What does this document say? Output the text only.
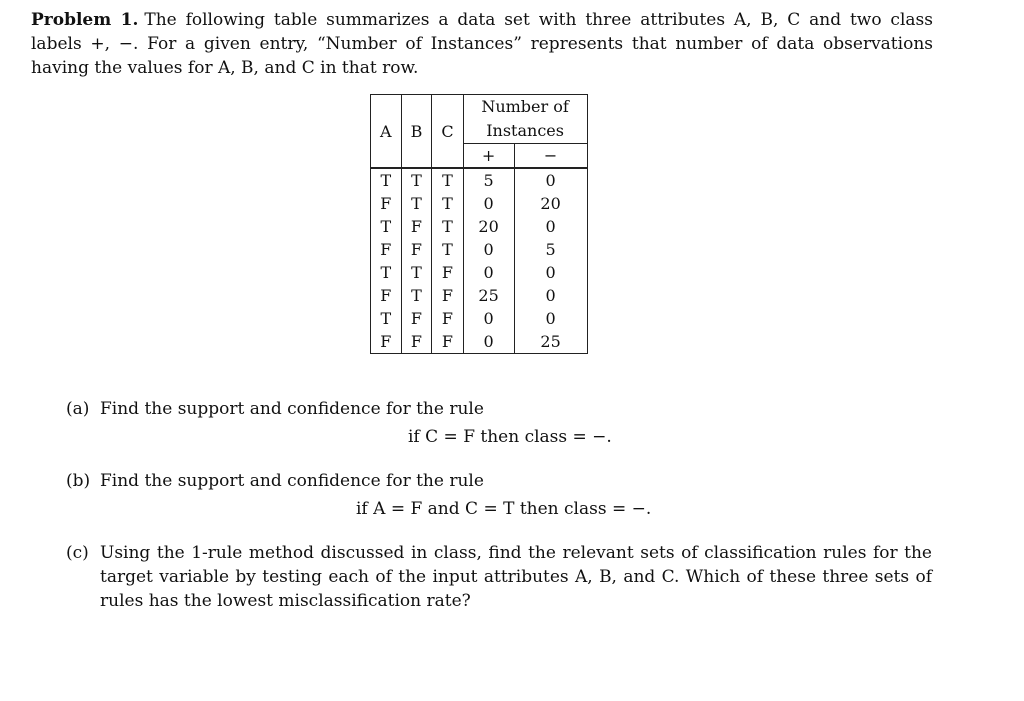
Problem 1. The following table summarizes a data set with three attributes A, B, C and two class labels +, −. For a given entry, “Number of Instances” represents that number of data observations having the values for A, B, and C in that row.
A	B	C	Number of
Instances	
			+	−
T	T	T	5	0
F	T	T	0	20
T	F	T	20	0
F	F	T	0	5
T	T	F	0	0
F	T	F	25	0
T	F	F	0	0
F	F	F	0	25
(a) Find the support and confidence for the rule
if C = F then class = −.
(b) Find the support and confidence for the rule
if A = F and C = T then class = −.
(c) Using the 1-rule method discussed in class, find the relevant sets of classification rules for the target variable by testing each of the input attributes A, B, and C. Which of these three sets of rules has the lowest misclassification rate?
